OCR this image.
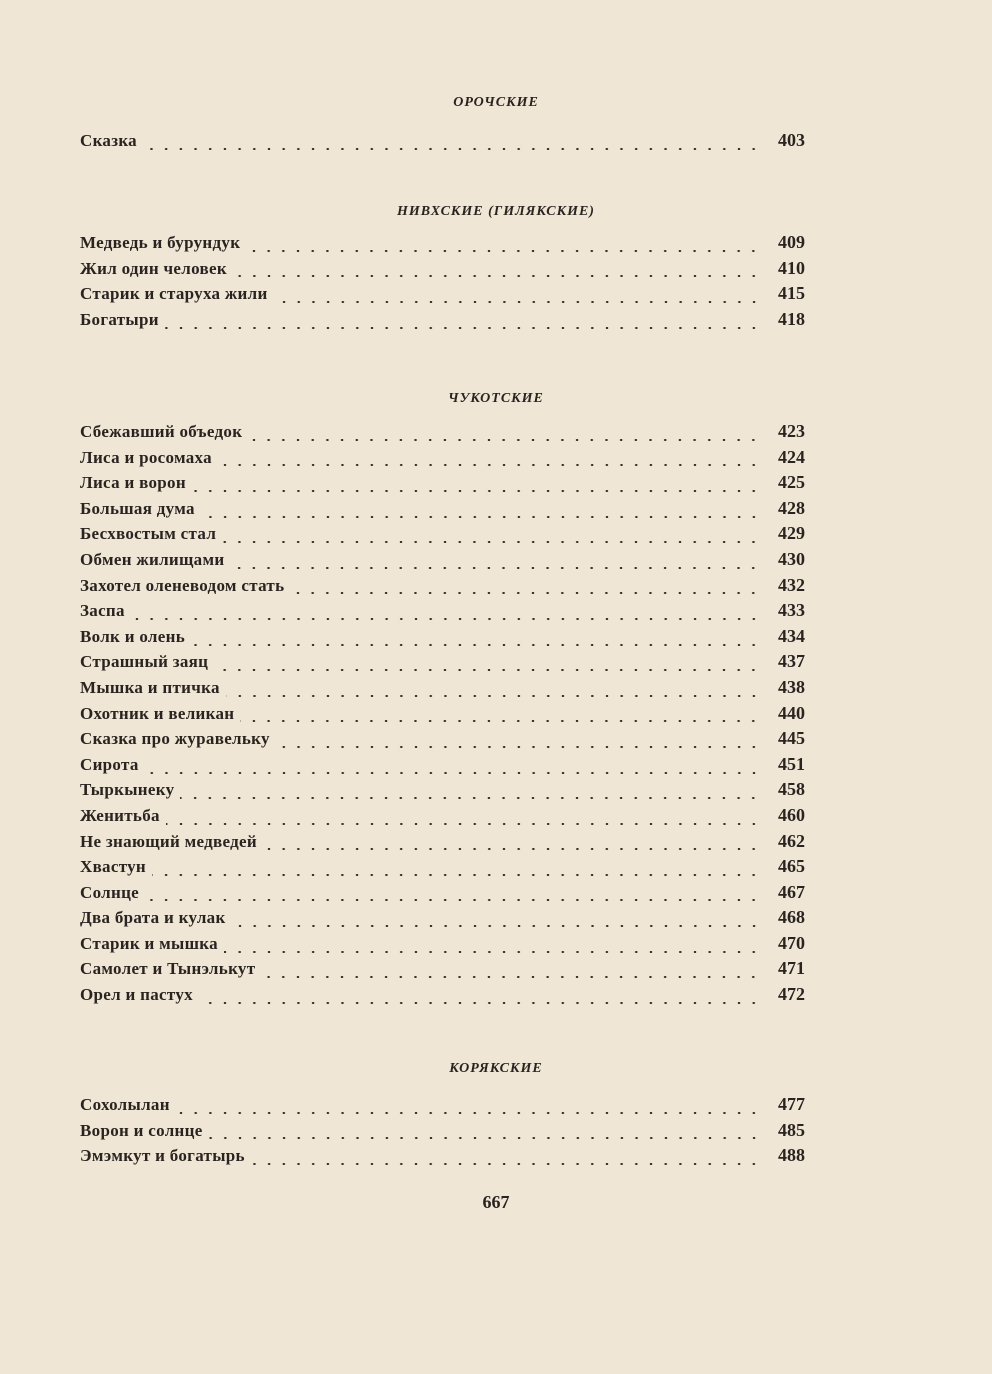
ОРОЧСКИЕ
Сказка	403
НИВХСКИЕ (ГИЛЯКСКИЕ)
Медведь и бурундук	409
Жил один человек	410
Старик и старуха жили	415
Богатыри	418
ЧУКОТСКИЕ
Сбежавший объедок	423
Лиса и росомаха	424
Лиса и ворон	425
Большая дума	428
Бесхвостым стал	429
Обмен жилищами	430
Захотел оленеводом стать	432
Заспа	433
Волк и олень	434
Страшный заяц	437
Мышка и птичка	438
Охотник и великан	440
Сказка про журавельку	445
Сирота	451
Тыркынеку	458
Женитьба	460
Не знающий медведей	462
Хвастун	465
Солнце	467
Два брата и кулак	468
Старик и мышка	470
Самолет и Тынэлькут	471
Орел и пастух	472
КОРЯКСКИЕ
Сохолылан	477
Ворон и солнце	485
Эмэмкут и богатырь	488
667
